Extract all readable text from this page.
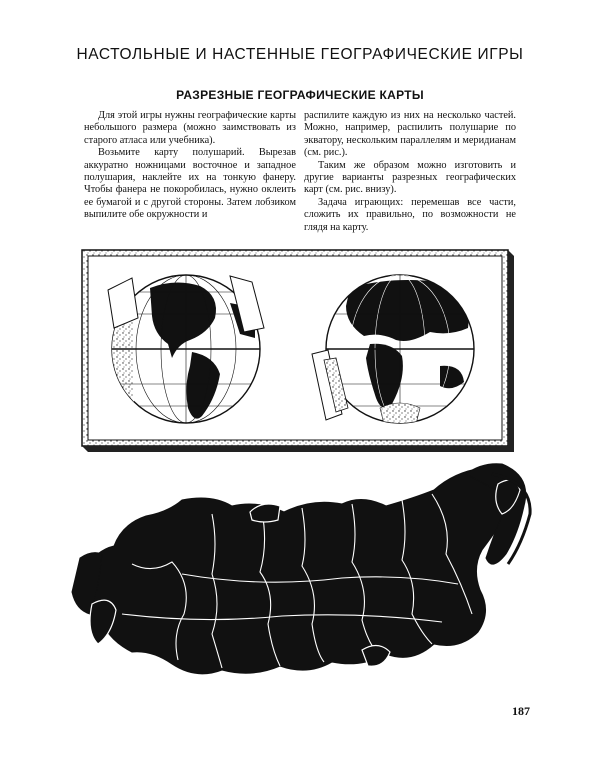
НАСТОЛЬНЫЕ И НАСТЕННЫЕ ГЕОГРАФИЧЕСКИЕ ИГРЫ
РАЗРЕЗНЫЕ ГЕОГРАФИЧЕСКИЕ КАРТЫ

Для этой игры нужны географические карты небольшого размера (можно заимствовать из старого атласа или учебника).

Возьмите карту полушарий. Вырезав аккуратно ножницами восточное и западное полушария, наклейте их на тонкую фанеру. Чтобы фанера не покоробилась, нужно оклеить ее бумагой и с другой стороны. Затем лобзиком выпилите обе окружности и

распилите каждую из них на несколько частей. Можно, например, распилить полушарие по экватору, нескольким параллелям и меридианам (см. рис.).

Таким же образом можно изготовить и другие варианты разрезных географических карт (см. рис. внизу).

Задача играющих: перемешав все части, сложить их правильно, по возможности не глядя на карту.

187
